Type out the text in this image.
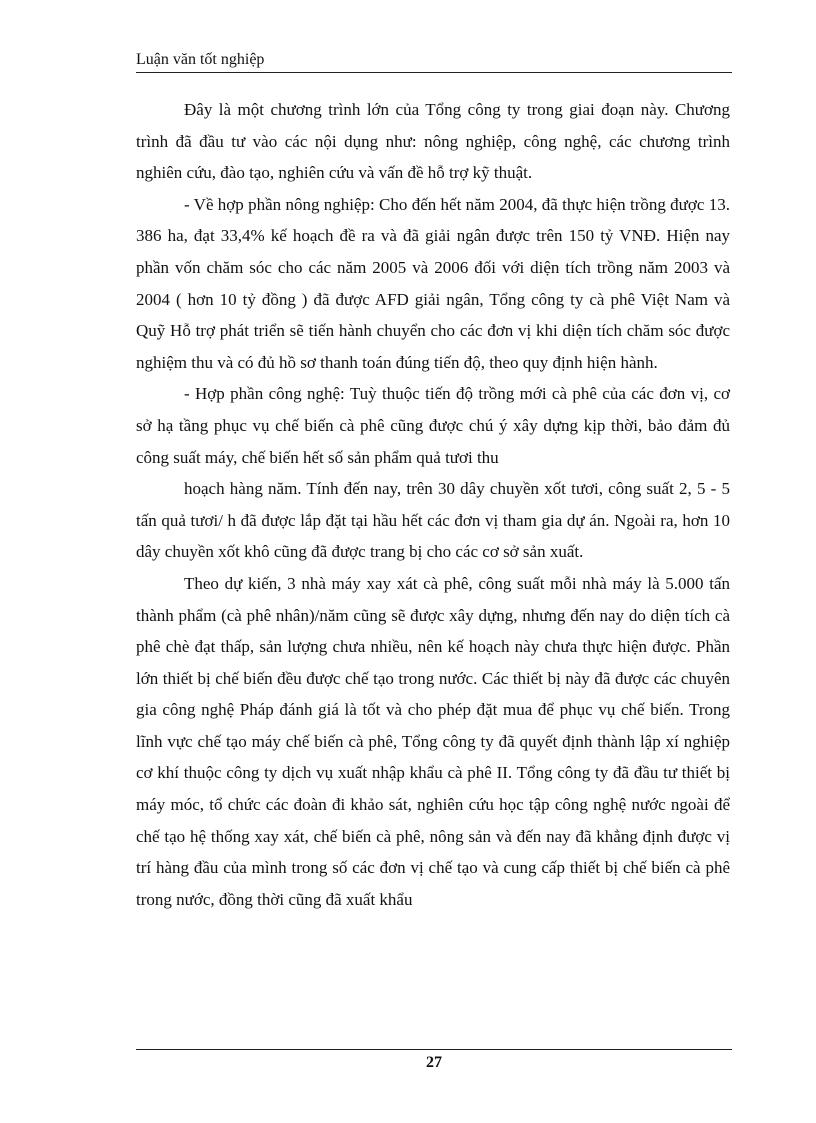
Luận văn tốt nghiệp

Đây là một chương trình lớn của Tổng công ty trong giai đoạn này. Chương trình đã đầu tư vào các nội dụng như: nông nghiệp, công nghệ, các chương trình nghiên cứu, đào tạo, nghiên cứu và vấn đề hỗ trợ kỹ thuật.

- Về hợp phần nông nghiệp: Cho đến hết năm 2004, đã thực hiện trồng được 13. 386 ha, đạt 33,4% kế hoạch đề ra và đã giải ngân được trên 150 tỷ VNĐ. Hiện nay phần vốn chăm sóc cho các năm 2005 và 2006 đối với diện tích trồng năm 2003 và 2004 ( hơn 10 tỷ đồng ) đã được AFD giải ngân, Tổng công ty cà phê Việt Nam và Quỹ Hỗ trợ phát triển sẽ tiến hành chuyển cho các đơn vị khi diện tích chăm sóc được nghiệm thu và có đủ hồ sơ thanh toán đúng tiến độ, theo quy định hiện hành.

- Hợp phần công nghệ: Tuỳ thuộc tiến độ trồng mới cà phê của các đơn vị, cơ sở hạ tầng phục vụ chế biến cà phê cũng được chú ý xây dựng kịp thời, bảo đảm đủ công suất máy, chế biến hết số sản phẩm quả tươi thu

hoạch hàng năm. Tính đến nay, trên 30 dây chuyền xốt tươi, công suất 2, 5 - 5 tấn quả tươi/ h đã được lắp đặt tại hầu hết các đơn vị tham gia dự án. Ngoài ra, hơn 10 dây chuyền xốt khô cũng đã được trang bị cho các cơ sở sản xuất.

Theo dự kiến, 3 nhà máy xay xát cà phê, công suất mỗi nhà máy là 5.000 tấn thành phẩm (cà phê nhân)/năm cũng sẽ được xây dựng, nhưng đến nay do diện tích cà phê chè đạt thấp, sản lượng chưa nhiều, nên kế hoạch này chưa thực hiện được. Phần lớn thiết bị chế biến đều được chế tạo trong nước. Các thiết bị này đã được các chuyên gia công nghệ Pháp đánh giá là tốt và cho phép đặt mua để phục vụ chế biến. Trong lĩnh vực chế tạo máy chế biến cà phê, Tổng công ty đã quyết định thành lập xí nghiệp cơ khí thuộc công ty dịch vụ xuất nhập khẩu cà phê II. Tổng công ty đã đầu tư thiết bị máy móc, tổ chức các đoàn đi khảo sát, nghiên cứu học tập công nghệ nước ngoài để chế tạo hệ thống xay xát, chế biến cà phê, nông sản và đến nay đã khẳng định được vị trí hàng đầu của mình trong số các đơn vị chế tạo và cung cấp thiết bị chế biến cà phê trong nước, đồng thời cũng đã xuất khẩu

27
